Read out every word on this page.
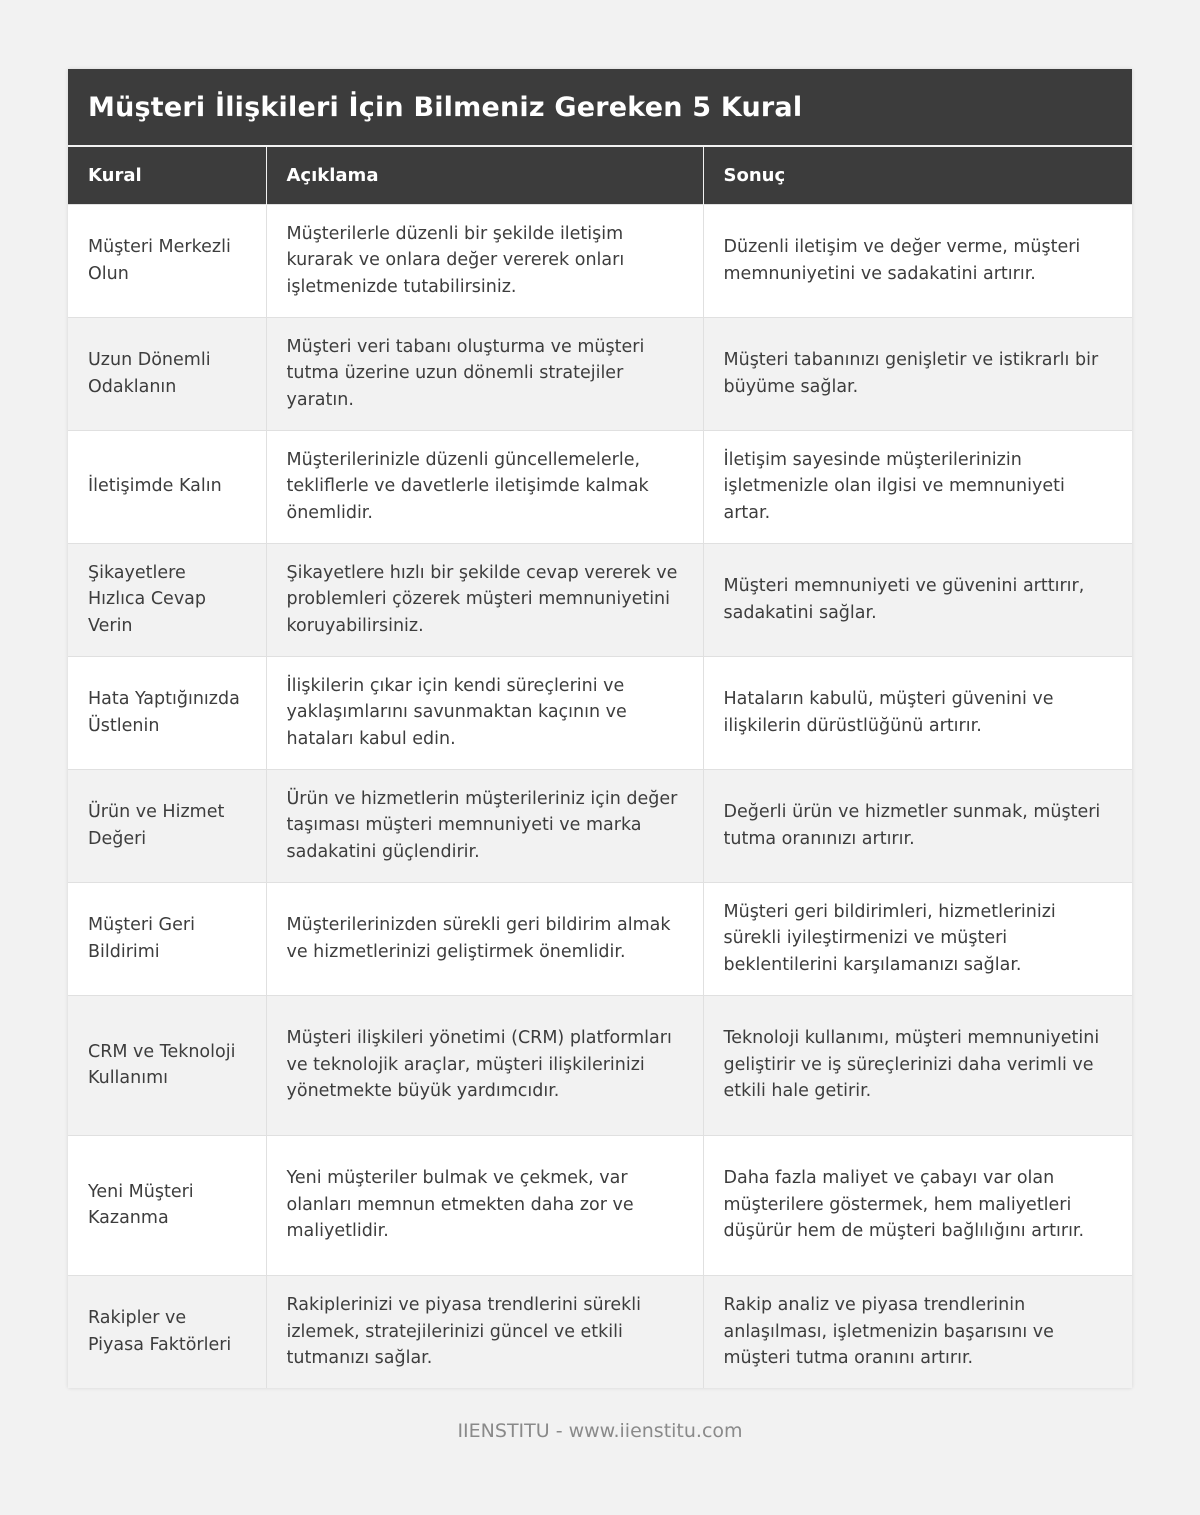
Müşteri İlişkileri İçin Bilmeniz Gereken 5 Kural
Kural	Açıklama	Sonuç
Müşteri Merkezli Olun	Müşterilerle düzenli bir şekilde iletişim kurarak ve onlara değer vererek onları işletmenizde tutabilirsiniz.	Düzenli iletişim ve değer verme, müşteri memnuniyetini ve sadakatini artırır.
Uzun Dönemli Odaklanın	Müşteri veri tabanı oluşturma ve müşteri tutma üzerine uzun dönemli stratejiler yaratın.	Müşteri tabanınızı genişletir ve istikrarlı bir büyüme sağlar.
İletişimde Kalın	Müşterilerinizle düzenli güncellemelerle, tekliflerle ve davetlerle iletişimde kalmak önemlidir.	İletişim sayesinde müşterilerinizin işletmenizle olan ilgisi ve memnuniyeti artar.
Şikayetlere Hızlıca Cevap Verin	Şikayetlere hızlı bir şekilde cevap vererek ve problemleri çözerek müşteri memnuniyetini koruyabilirsiniz.	Müşteri memnuniyeti ve güvenini arttırır, sadakatini sağlar.
Hata Yaptığınızda Üstlenin	İlişkilerin çıkar için kendi süreçlerini ve yaklaşımlarını savunmaktan kaçının ve hataları kabul edin.	Hataların kabulü, müşteri güvenini ve ilişkilerin dürüstlüğünü artırır.
Ürün ve Hizmet Değeri	Ürün ve hizmetlerin müşterileriniz için değer taşıması müşteri memnuniyeti ve marka sadakatini güçlendirir.	Değerli ürün ve hizmetler sunmak, müşteri tutma oranınızı artırır.
Müşteri Geri Bildirimi	Müşterilerinizden sürekli geri bildirim almak ve hizmetlerinizi geliştirmek önemlidir.	Müşteri geri bildirimleri, hizmetlerinizi sürekli iyileştirmenizi ve müşteri beklentilerini karşılamanızı sağlar.
CRM ve Teknoloji Kullanımı	Müşteri ilişkileri yönetimi (CRM) platformları ve teknolojik araçlar, müşteri ilişkilerinizi yönetmekte büyük yardımcıdır.	Teknoloji kullanımı, müşteri memnuniyetini geliştirir ve iş süreçlerinizi daha verimli ve etkili hale getirir.
Yeni Müşteri Kazanma	Yeni müşteriler bulmak ve çekmek, var olanları memnun etmekten daha zor ve maliyetlidir.	Daha fazla maliyet ve çabayı var olan müşterilere göstermek, hem maliyetleri düşürür hem de müşteri bağlılığını artırır.
Rakipler ve Piyasa Faktörleri	Rakiplerinizi ve piyasa trendlerini sürekli izlemek, stratejilerinizi güncel ve etkili tutmanızı sağlar.	Rakip analiz ve piyasa trendlerinin anlaşılması, işletmenizin başarısını ve müşteri tutma oranını artırır.
IIENSTITU - www.iienstitu.com
